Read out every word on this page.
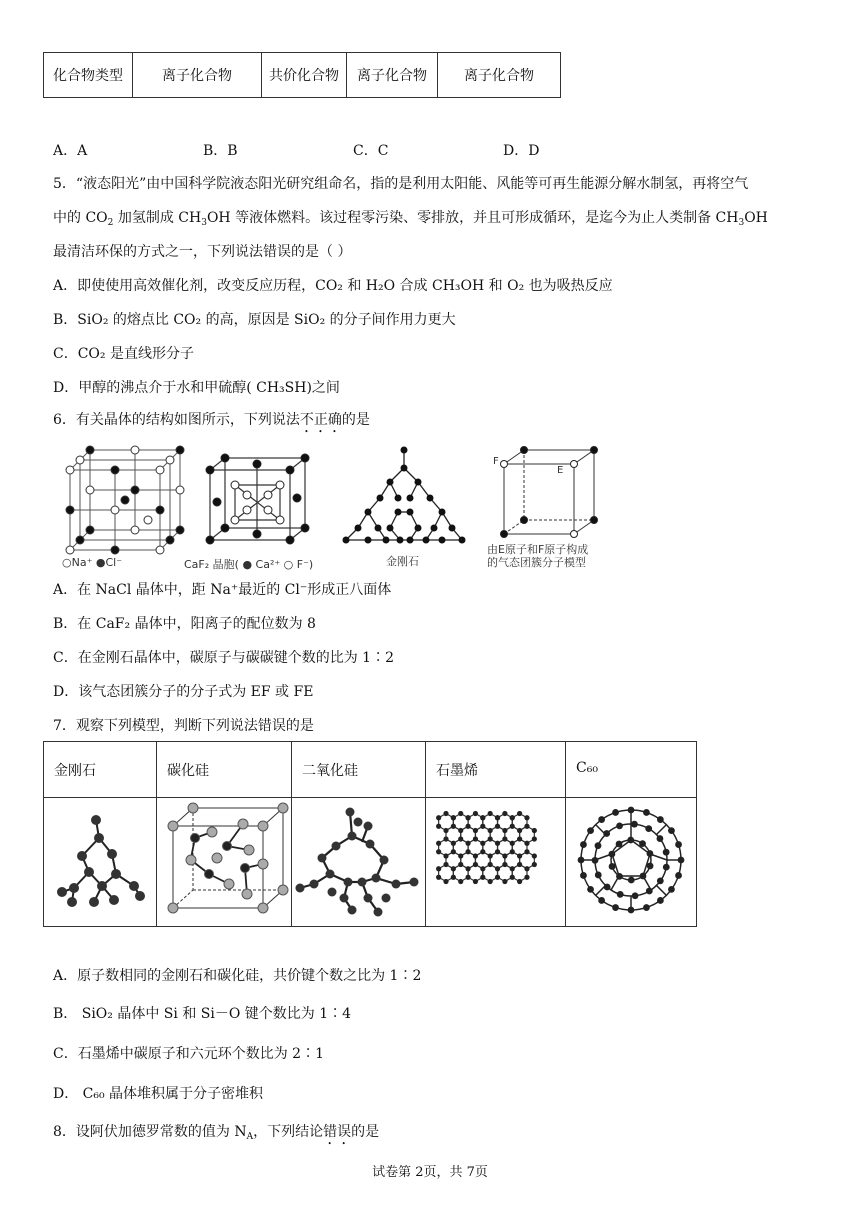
化合物类型	离子化合物	共价化合物	离子化合物	离子化合物
A．A	B．B	C．C	D．D
5．“液态阳光”由中国科学院液态阳光研究组命名，指的是利用太阳能、风能等可再生能源分解水制氢，再将空气
中的 $CO_2$ 加氢制成 $CH_3OH$ 等液体燃料。该过程零污染、零排放，并且可形成循环，是迄今为止人类制备 $CH_3OH$
最清洁环保的方式之一，下列说法错误的是（ ）
A．即使使用高效催化剂，改变反应历程，CO₂ 和 H₂O 合成 CH₃OH 和 O₂ 也为吸热反应
B．SiO₂ 的熔点比 CO₂ 的高，原因是 SiO₂ 的分子间作用力更大
C．CO₂ 是直线形分子
D．甲醇的沸点介于水和甲硫醇( CH₃SH)之间
6．有关晶体的结构如图所示，下列说法不正确的是
○Na⁺ ●Cl⁻	CaF₂ 晶胞( ● Ca²⁺ ○ F⁻)	金刚石
F
E
由E原子和F原子构成
的气态团簇分子模型
A．在 NaCl 晶体中，距 Na⁺最近的 Cl⁻形成正八面体
B．在 CaF₂ 晶体中，阳离子的配位数为 8
C．在金刚石晶体中，碳原子与碳碳键个数的比为 1∶2
D．该气态团簇分子的分子式为 EF 或 FE
7．观察下列模型，判断下列说法错误的是
金刚石	碳化硅	二氧化硅	石墨烯	C₆₀

A．原子数相同的金刚石和碳化硅，共价键个数之比为 1∶2
B． SiO₂ 晶体中 Si 和 Si－O 键个数比为 1∶4
C．石墨烯中碳原子和六元环个数比为 2∶1
D． C₆₀ 晶体堆积属于分子密堆积
8．设阿伏加德罗常数的值为 $N_A$，下列结论错误的是
试卷第 2页，共 7页
